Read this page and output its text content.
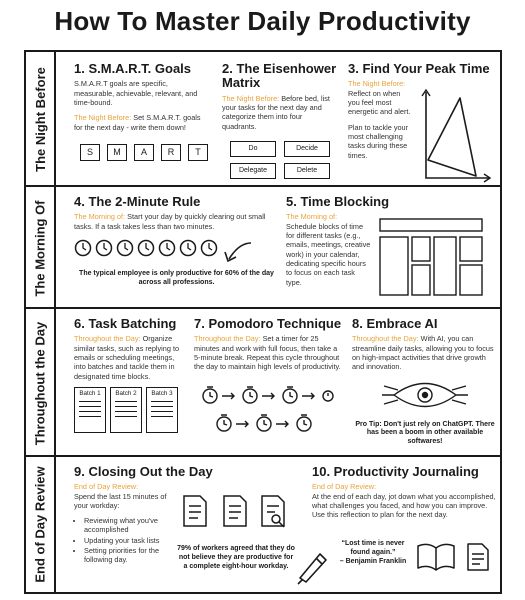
How To Master Daily Productivity
The Night Before
The Morning Of
Throughout the Day
End of Day Review
1. S.M.A.R.T. Goals
S.M.A.R.T goals are specific, measurable, achievable, relevant, and time-bound.
The Night Before: Set S.M.A.R.T. goals for the next day - write them down!
S	M	A	R	T
2. The Eisenhower Matrix
The Night Before: Before bed, list your tasks for the next day and categorize them into four quadrants.
Do	Decide
Delegate	Delete
3. Find Your Peak Time
The Night Before:
Reflect on when you feel most energetic and alert.
Plan to tackle your most challenging tasks during these times.
4. The 2-Minute Rule
The Morning of: Start your day by quickly clearing out small tasks. If a task takes less than two minutes.
The typical employee is only productive for 60% of the day across all professions.
5. Time Blocking
The Morning of:
Schedule blocks of time for different tasks (e.g., emails, meetings, creative work) in your calendar, dedicating specific hours to focus on each task type.
6. Task Batching
Throughout the Day: Organize similar tasks, such as replying to emails or scheduling meetings, into batches and tackle them in designated time blocks.
Batch 1	Batch 2	Batch 3
7. Pomodoro Technique
Throughout the Day: Set a timer for 25 minutes and work with full focus, then take a 5-minute break. Repeat this cycle throughout the day to maintain high levels of productivity.
8. Embrace AI
Throughout the Day: With AI, you can streamline daily tasks, allowing you to focus on high-impact activities that drive growth and innovation.
Pro Tip: Don't just rely on ChatGPT. There has been a boom in other available softwares!
9. Closing Out the Day
End of Day Review:
Spend the last 15 minutes of your workday:
• Reviewing what you've accomplished
• Updating your task lists
• Setting priorities for the following day.
79% of workers agreed that they do not believe they are productive for a complete eight-hour workday.
10. Productivity Journaling
End of Day Review:
At the end of each day, jot down what you accomplished, what challenges you faced, and how you can improve. Use this reflection to plan for the next day.
“Lost time is never found again.”
– Benjamin Franklin
